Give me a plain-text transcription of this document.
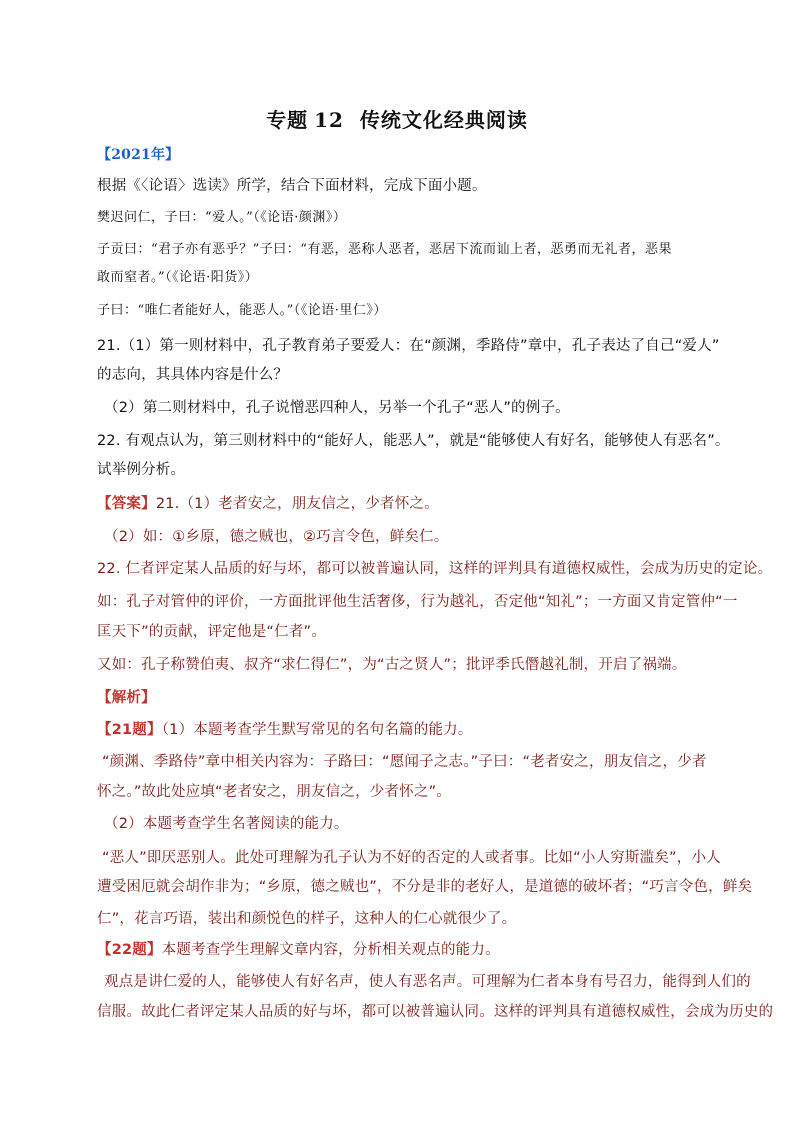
专题 12 传统文化经典阅读
【2021年】
根据《〈论语〉选读》所学，结合下面材料，完成下面小题。
樊迟问仁，子曰：“爱人。”（《论语·颜渊》）
子贡曰：“君子亦有恶乎？”子曰：“有恶，恶称人恶者，恶居下流而讪上者，恶勇而无礼者，恶果
敢而窒者。”（《论语·阳货》）
子曰：“唯仁者能好人，能恶人。”（《论语·里仁》）
21.（1）第一则材料中，孔子教育弟子要爱人：在“颜渊，季路侍”章中，孔子表达了自己“爱人”
的志向，其具体内容是什么？
（2）第二则材料中，孔子说憎恶四种人，另举一个孔子“恶人”的例子。
22. 有观点认为，第三则材料中的“能好人，能恶人”，就是“能够使人有好名，能够使人有恶名”。
试举例分析。
【答案】21.（1）老者安之，朋友信之，少者怀之。
（2）如：①乡原，德之贼也，②巧言令色，鲜矣仁。
22. 仁者评定某人品质的好与坏，都可以被普遍认同，这样的评判具有道德权威性，会成为历史的定论。
如：孔子对管仲的评价，一方面批评他生活奢侈，行为越礼，否定他“知礼”；一方面又肯定管仲“一
匡天下”的贡献，评定他是“仁者”。
又如：孔子称赞伯夷、叔齐“求仁得仁”，为“古之贤人”；批评季氏僭越礼制，开启了祸端。
【解析】
【21题】（1）本题考查学生默写常见的名句名篇的能力。
“颜渊、季路侍”章中相关内容为：子路曰：“愿闻子之志。”子曰：“老者安之，朋友信之，少者
怀之。”故此处应填“老者安之，朋友信之，少者怀之”。
（2）本题考查学生名著阅读的能力。
“恶人”即厌恶别人。此处可理解为孔子认为不好的否定的人或者事。比如“小人穷斯滥矣”，小人
遭受困厄就会胡作非为；“乡原，德之贼也”，不分是非的老好人，是道德的破坏者；“巧言令色，鲜矣
仁”，花言巧语，装出和颜悦色的样子，这种人的仁心就很少了。
【22题】本题考查学生理解文章内容，分析相关观点的能力。
观点是讲仁爱的人，能够使人有好名声，使人有恶名声。可理解为仁者本身有号召力，能得到人们的
信服。故此仁者评定某人品质的好与坏，都可以被普遍认同。这样的评判具有道德权威性，会成为历史的
